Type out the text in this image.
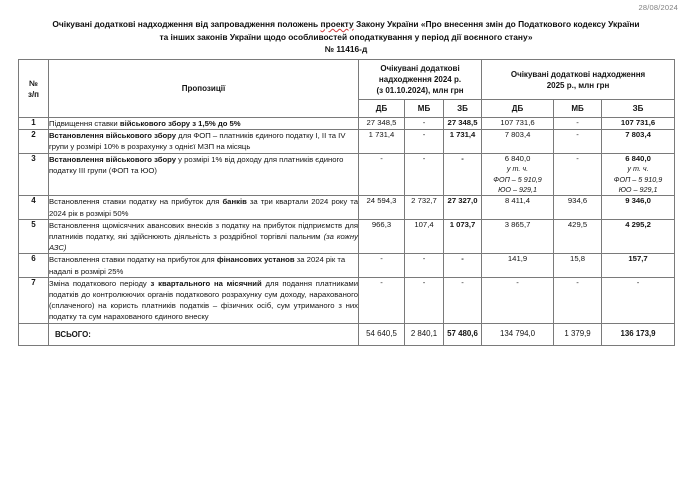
28/08/2024
Очікувані додаткові надходження від запровадження положень проекту Закону України «Про внесення змін до Податкового кодексу України
та інших законів України щодо особливостей оподаткування у період дії воєнного стану»
№ 11416-д
№
з/п	Пропозиції	Очікувані додаткові
надходження 2024 р.
(з 01.10.2024), млн грн			Очікувані додаткові надходження
2025 р., млн грн		
		ДБ	МБ	ЗБ	ДБ	МБ	ЗБ
1	Підвищення ставки військового збору з 1,5% до 5%	27 348,5	-	27 348,5	107 731,6	-	107 731,6
2	Встановлення військового збору для ФОП – платників єдиного податку I, II та IV групи у розмірі 10% в розрахунку з однієї МЗП на місяць	1 731,4	-	1 731,4	7 803,4	-	7 803,4
3	Встановлення військового збору у розмірі 1% від доходу для платників єдиного податку III групи (ФОП та ЮО)	-	-	-	6 840,0
у т. ч.
ФОП – 5 910,9
ЮО – 929,1	-	6 840,0
у т. ч.
ФОП – 5 910,9
ЮО – 929,1

4	Встановлення ставки податку на прибуток для банків за три квартали 2024 року та 2024 рік в розмірі 50%	24 594,3	2 732,7	27 327,0	8 411,4	934,6	9 346,0
5	Встановлення щомісячних авансових внесків з податку на прибуток підприємств для платників податку, які здійснюють діяльність з роздрібної торгівлі пальним (за кожну АЗС)	966,3	107,4	1 073,7	3 865,7	429,5	4 295,2
6	Встановлення ставки податку на прибуток для фінансових установ за 2024 рік та надалі в розмірі 25%	-	-	-	141,9	15,8	157,7
7	Зміна податкового періоду з квартального на місячний для подання платниками податків до контролюючих органів податкового розрахунку сум доходу, нарахованого (сплаченого) на користь платників податків – фізичних осіб, сум утриманого з них податку та сум нарахованого єдиного внеску	-	-	-	-	-	-
	ВСЬОГО:	54 640,5	2 840,1	57 480,6	134 794,0	1 379,9	136 173,9
